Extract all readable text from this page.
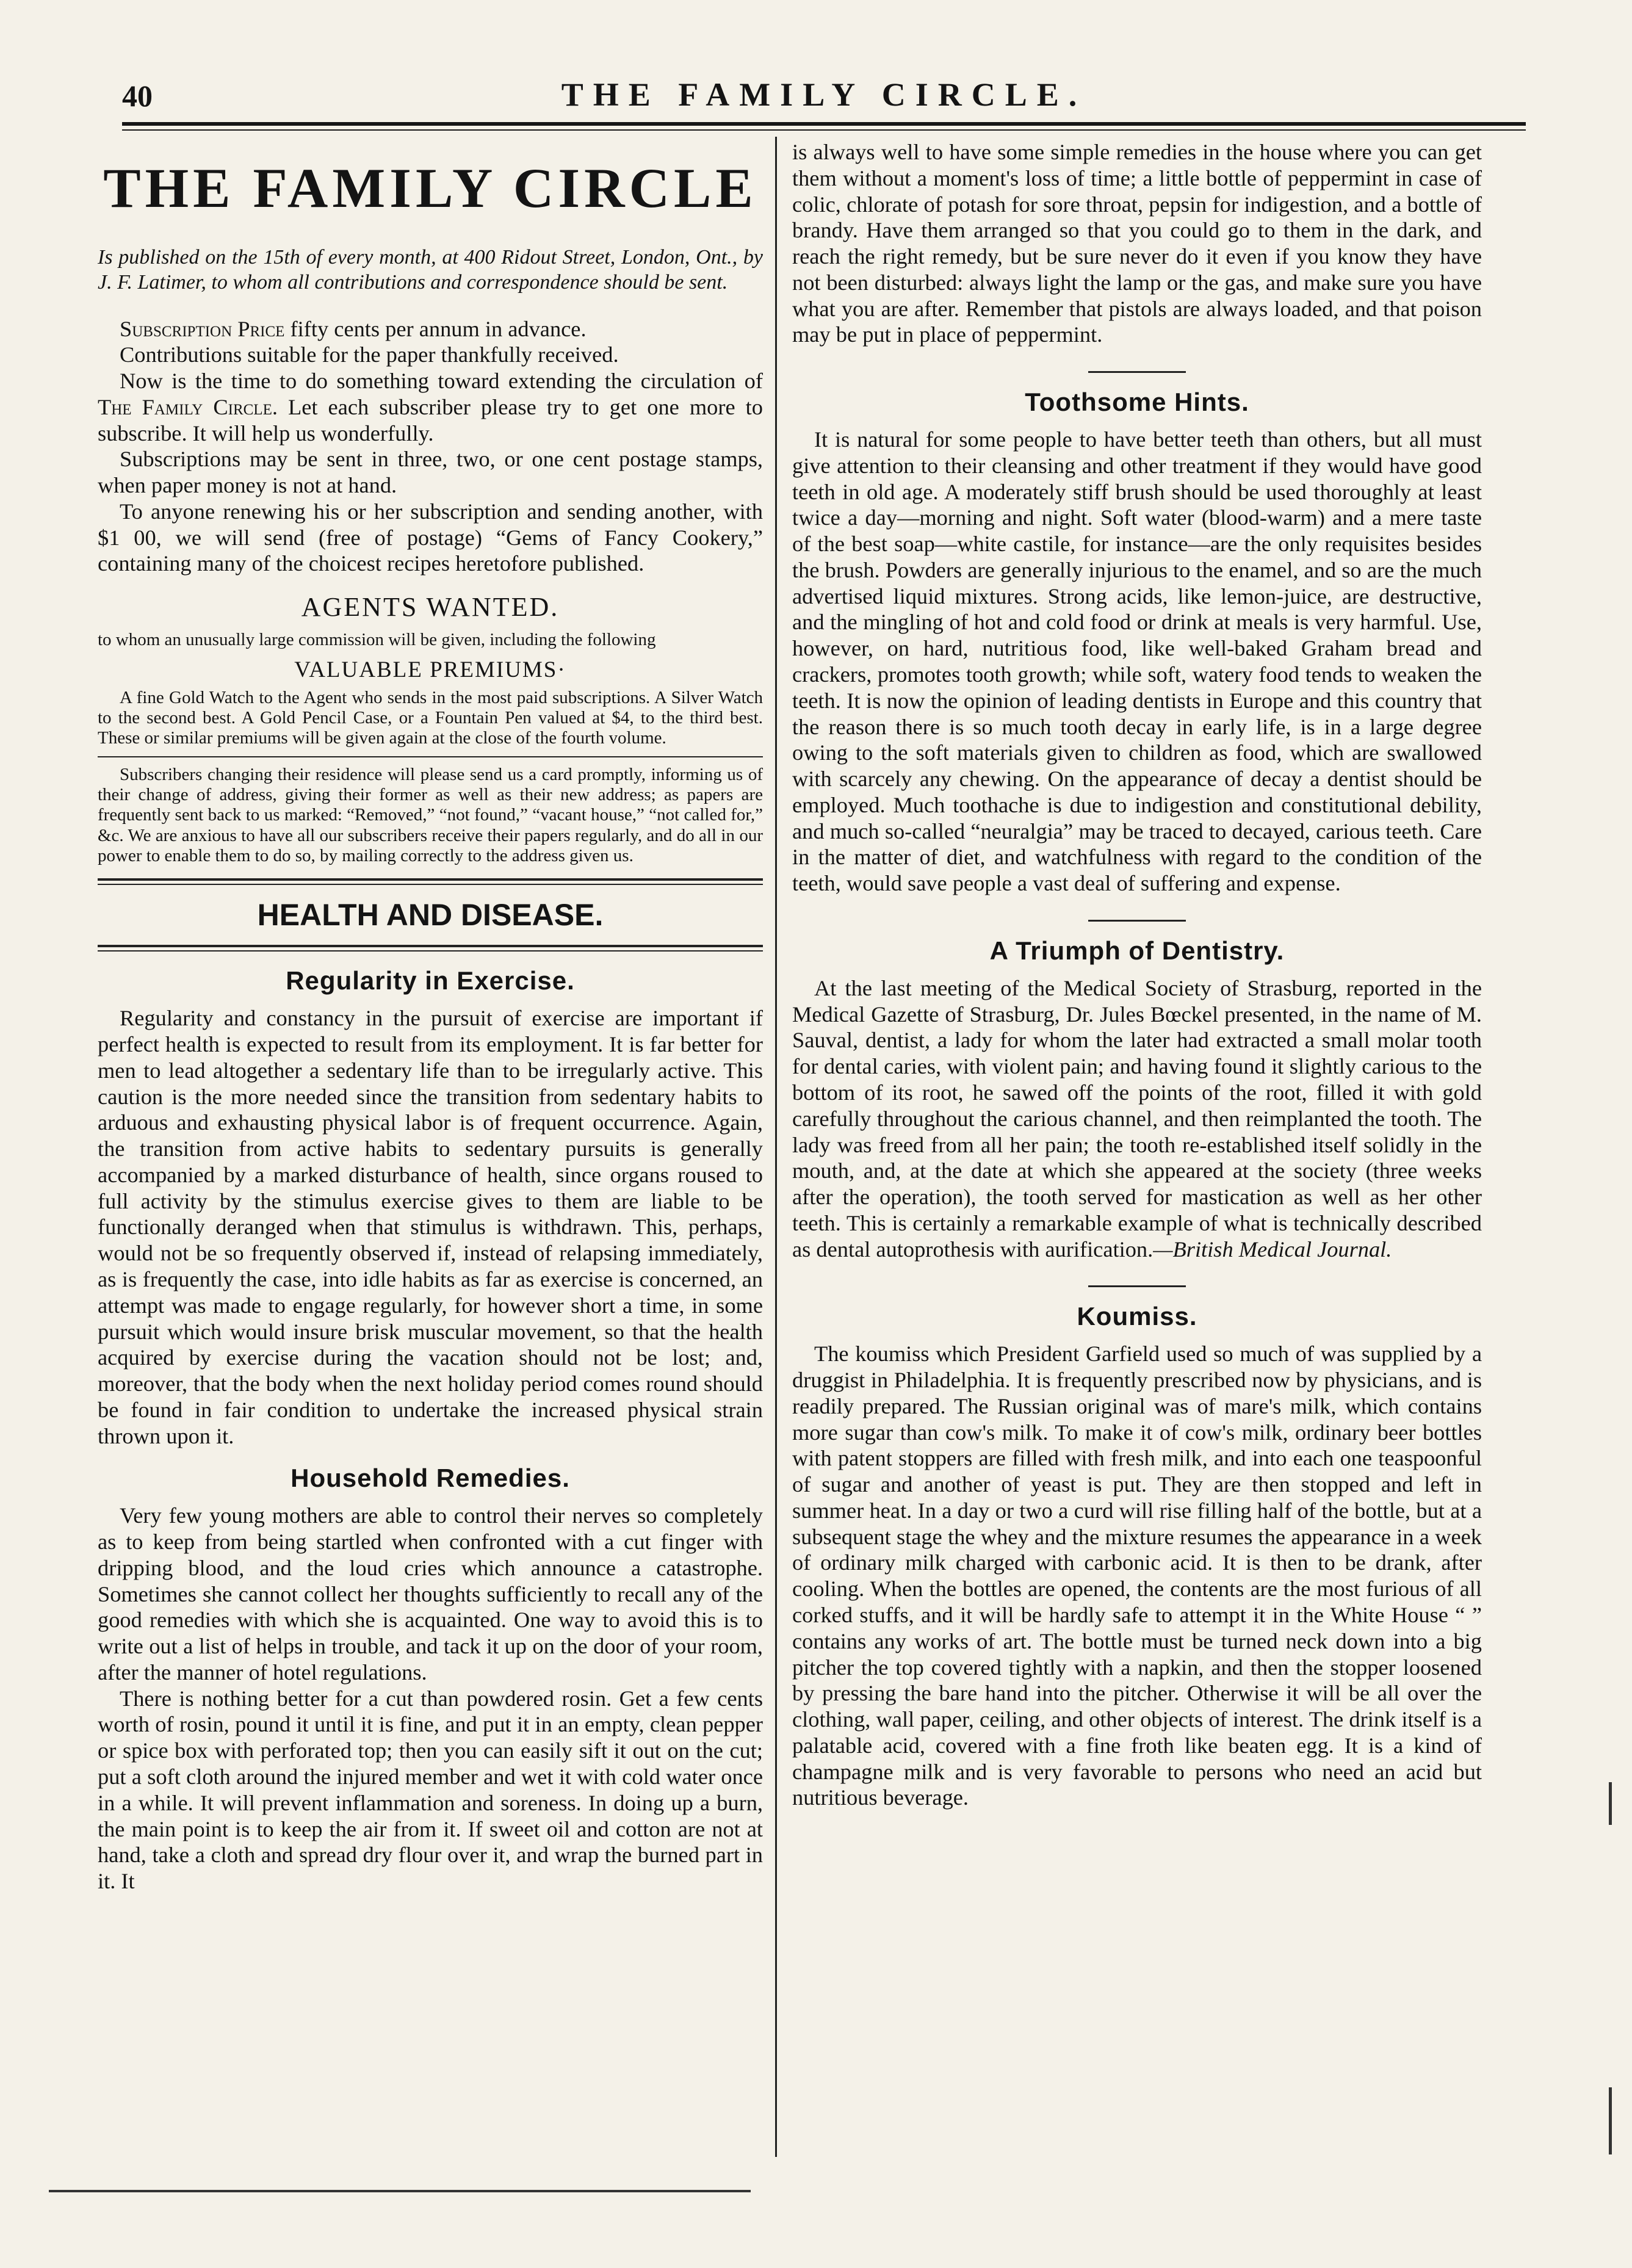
40	THE FAMILY CIRCLE.
THE FAMILY CIRCLE

Is published on the 15th of every month, at 400 Ridout Street, London, Ont., by J. F. Latimer, to whom all contributions and correspondence should be sent.

Subscription Price fifty cents per annum in advance.

Contributions suitable for the paper thankfully received.

Now is the time to do something toward extending the circulation of The Family Circle. Let each subscriber please try to get one more to subscribe. It will help us wonderfully.

Subscriptions may be sent in three, two, or one cent postage stamps, when paper money is not at hand.

To anyone renewing his or her subscription and sending another, with $1 00, we will send (free of postage) “Gems of Fancy Cookery,” containing many of the choicest recipes heretofore published.

AGENTS WANTED.

to whom an unusually large commission will be given, including the following

VALUABLE PREMIUMS·

A fine Gold Watch to the Agent who sends in the most paid subscriptions. A Silver Watch to the second best. A Gold Pencil Case, or a Fountain Pen valued at $4, to the third best. These or similar premiums will be given again at the close of the fourth volume.

Subscribers changing their residence will please send us a card promptly, informing us of their change of address, giving their former as well as their new address; as papers are frequently sent back to us marked: “Removed,” “not found,” “vacant house,” “not called for,” &c. We are anxious to have all our subscribers receive their papers regularly, and do all in our power to enable them to do so, by mailing correctly to the address given us.

HEALTH AND DISEASE.
Regularity in Exercise.

Regularity and constancy in the pursuit of exercise are important if perfect health is expected to result from its employment. It is far better for men to lead altogether a sedentary life than to be irregularly active. This caution is the more needed since the transition from sedentary habits to arduous and exhausting physical labor is of frequent occurrence. Again, the transition from active habits to sedentary pursuits is generally accompanied by a marked disturbance of health, since organs roused to full activity by the stimulus exercise gives to them are liable to be functionally deranged when that stimulus is withdrawn. This, perhaps, would not be so frequently observed if, instead of relapsing immediately, as is frequently the case, into idle habits as far as exercise is concerned, an attempt was made to engage regularly, for however short a time, in some pursuit which would insure brisk muscular movement, so that the health acquired by exercise during the vacation should not be lost; and, moreover, that the body when the next holiday period comes round should be found in fair condition to undertake the increased physical strain thrown upon it.

Household Remedies.

Very few young mothers are able to control their nerves so completely as to keep from being startled when confronted with a cut finger with dripping blood, and the loud cries which announce a catastrophe. Sometimes she cannot collect her thoughts sufficiently to recall any of the good remedies with which she is acquainted. One way to avoid this is to write out a list of helps in trouble, and tack it up on the door of your room, after the manner of hotel regulations.

There is nothing better for a cut than powdered rosin. Get a few cents worth of rosin, pound it until it is fine, and put it in an empty, clean pepper or spice box with perforated top; then you can easily sift it out on the cut; put a soft cloth around the injured member and wet it with cold water once in a while. It will prevent inflammation and soreness. In doing up a burn, the main point is to keep the air from it. If sweet oil and cotton are not at hand, take a cloth and spread dry flour over it, and wrap the burned part in it. It

is always well to have some simple remedies in the house where you can get them without a moment's loss of time; a little bottle of peppermint in case of colic, chlorate of potash for sore throat, pepsin for indigestion, and a bottle of brandy. Have them arranged so that you could go to them in the dark, and reach the right remedy, but be sure never do it even if you know they have not been disturbed: always light the lamp or the gas, and make sure you have what you are after. Remember that pistols are always loaded, and that poison may be put in place of peppermint.

Toothsome Hints.

It is natural for some people to have better teeth than others, but all must give attention to their cleansing and other treatment if they would have good teeth in old age. A moderately stiff brush should be used thoroughly at least twice a day—morning and night. Soft water (blood-warm) and a mere taste of the best soap—white castile, for instance—are the only requisites besides the brush. Powders are generally injurious to the enamel, and so are the much advertised liquid mixtures. Strong acids, like lemon-juice, are destructive, and the mingling of hot and cold food or drink at meals is very harmful. Use, however, on hard, nutritious food, like well-baked Graham bread and crackers, promotes tooth growth; while soft, watery food tends to weaken the teeth. It is now the opinion of leading dentists in Europe and this country that the reason there is so much tooth decay in early life, is in a large degree owing to the soft materials given to children as food, which are swallowed with scarcely any chewing. On the appearance of decay a dentist should be employed. Much toothache is due to indigestion and constitutional debility, and much so-called “neuralgia” may be traced to decayed, carious teeth. Care in the matter of diet, and watchfulness with regard to the condition of the teeth, would save people a vast deal of suffering and expense.

A Triumph of Dentistry.

At the last meeting of the Medical Society of Strasburg, reported in the Medical Gazette of Strasburg, Dr. Jules Bœckel presented, in the name of M. Sauval, dentist, a lady for whom the later had extracted a small molar tooth for dental caries, with violent pain; and having found it slightly carious to the bottom of its root, he sawed off the points of the root, filled it with gold carefully throughout the carious channel, and then reimplanted the tooth. The lady was freed from all her pain; the tooth re-established itself solidly in the mouth, and, at the date at which she appeared at the society (three weeks after the operation), the tooth served for mastication as well as her other teeth. This is certainly a remarkable example of what is technically described as dental autoprothesis with aurification.—British Medical Journal.

Koumiss.

The koumiss which President Garfield used so much of was supplied by a druggist in Philadelphia. It is frequently prescribed now by physicians, and is readily prepared. The Russian original was of mare's milk, which contains more sugar than cow's milk. To make it of cow's milk, ordinary beer bottles with patent stoppers are filled with fresh milk, and into each one teaspoonful of sugar and another of yeast is put. They are then stopped and left in summer heat. In a day or two a curd will rise filling half of the bottle, but at a subsequent stage the whey and the mixture resumes the appearance in a week of ordinary milk charged with carbonic acid. It is then to be drank, after cooling. When the bottles are opened, the contents are the most furious of all corked stuffs, and it will be hardly safe to attempt it in the White House “ ” contains any works of art. The bottle must be turned neck down into a big pitcher the top covered tightly with a napkin, and then the stopper loosened by pressing the bare hand into the pitcher. Otherwise it will be all over the clothing, wall paper, ceiling, and other objects of interest. The drink itself is a palatable acid, covered with a fine froth like beaten egg. It is a kind of champagne milk and is very favorable to persons who need an acid but nutritious beverage.
